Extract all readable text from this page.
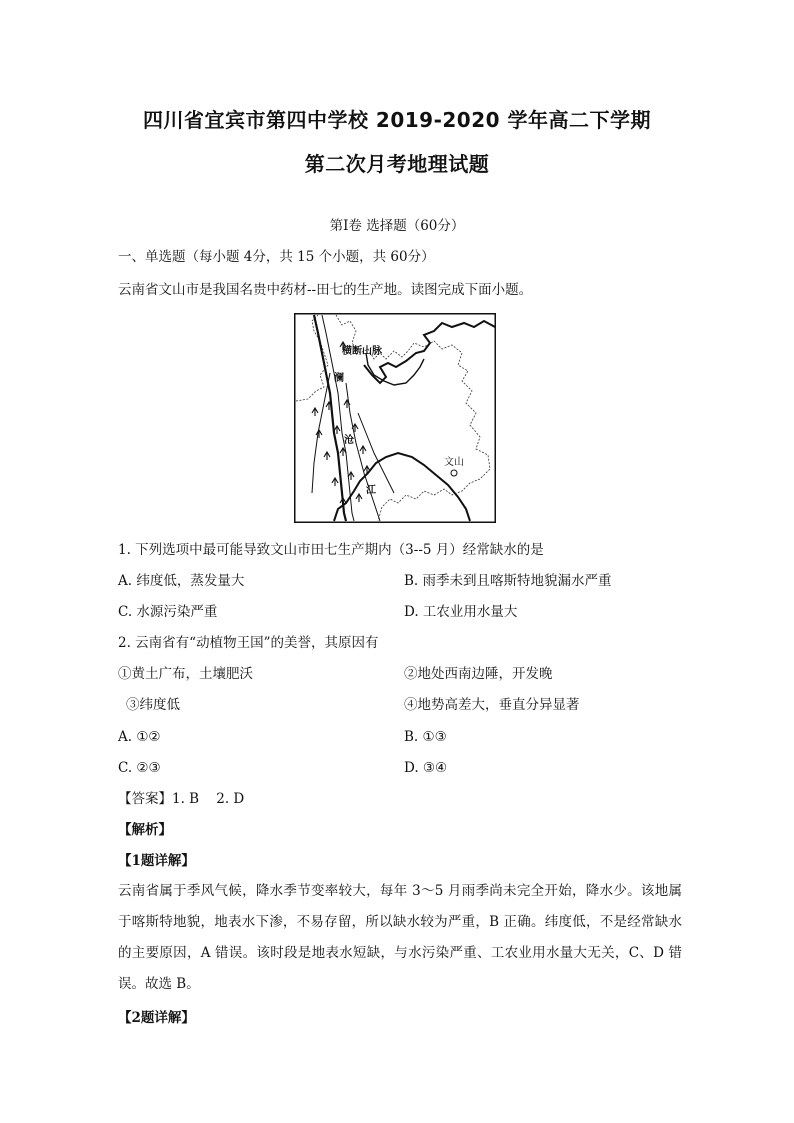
四川省宜宾市第四中学校 2019-2020 学年高二下学期
第二次月考地理试题
第Ⅰ卷 选择题（60分）
一、单选题（每小题 4分，共 15 个小题，共 60分）
云南省文山市是我国名贵中药材--田七的生产地。读图完成下面小题。
横断山脉
澜
沧
江
文山
1. 下列选项中最可能导致文山市田七生产期内（3--5 月）经常缺水的是
A. 纬度低，蒸发量大	B. 雨季未到且喀斯特地貌漏水严重
C. 水源污染严重	D. 工农业用水量大
2. 云南省有“动植物王国”的美誉，其原因有
①黄土广布，土壤肥沃	②地处西南边陲，开发晚
③纬度低	④地势高差大，垂直分异显著
A. ①②	B. ①③
C. ②③	D. ③④
【答案】1. B    2. D
【解析】
【1题详解】
云南省属于季风气候，降水季节变率较大，每年 3～5 月雨季尚未完全开始，降水少。该地属于喀斯特地貌，地表水下渗，不易存留，所以缺水较为严重，B 正确。纬度低，不是经常缺水的主要原因，A 错误。该时段是地表水短缺，与水污染严重、工农业用水量大无关，C、D 错误。故选 B。
【2题详解】
